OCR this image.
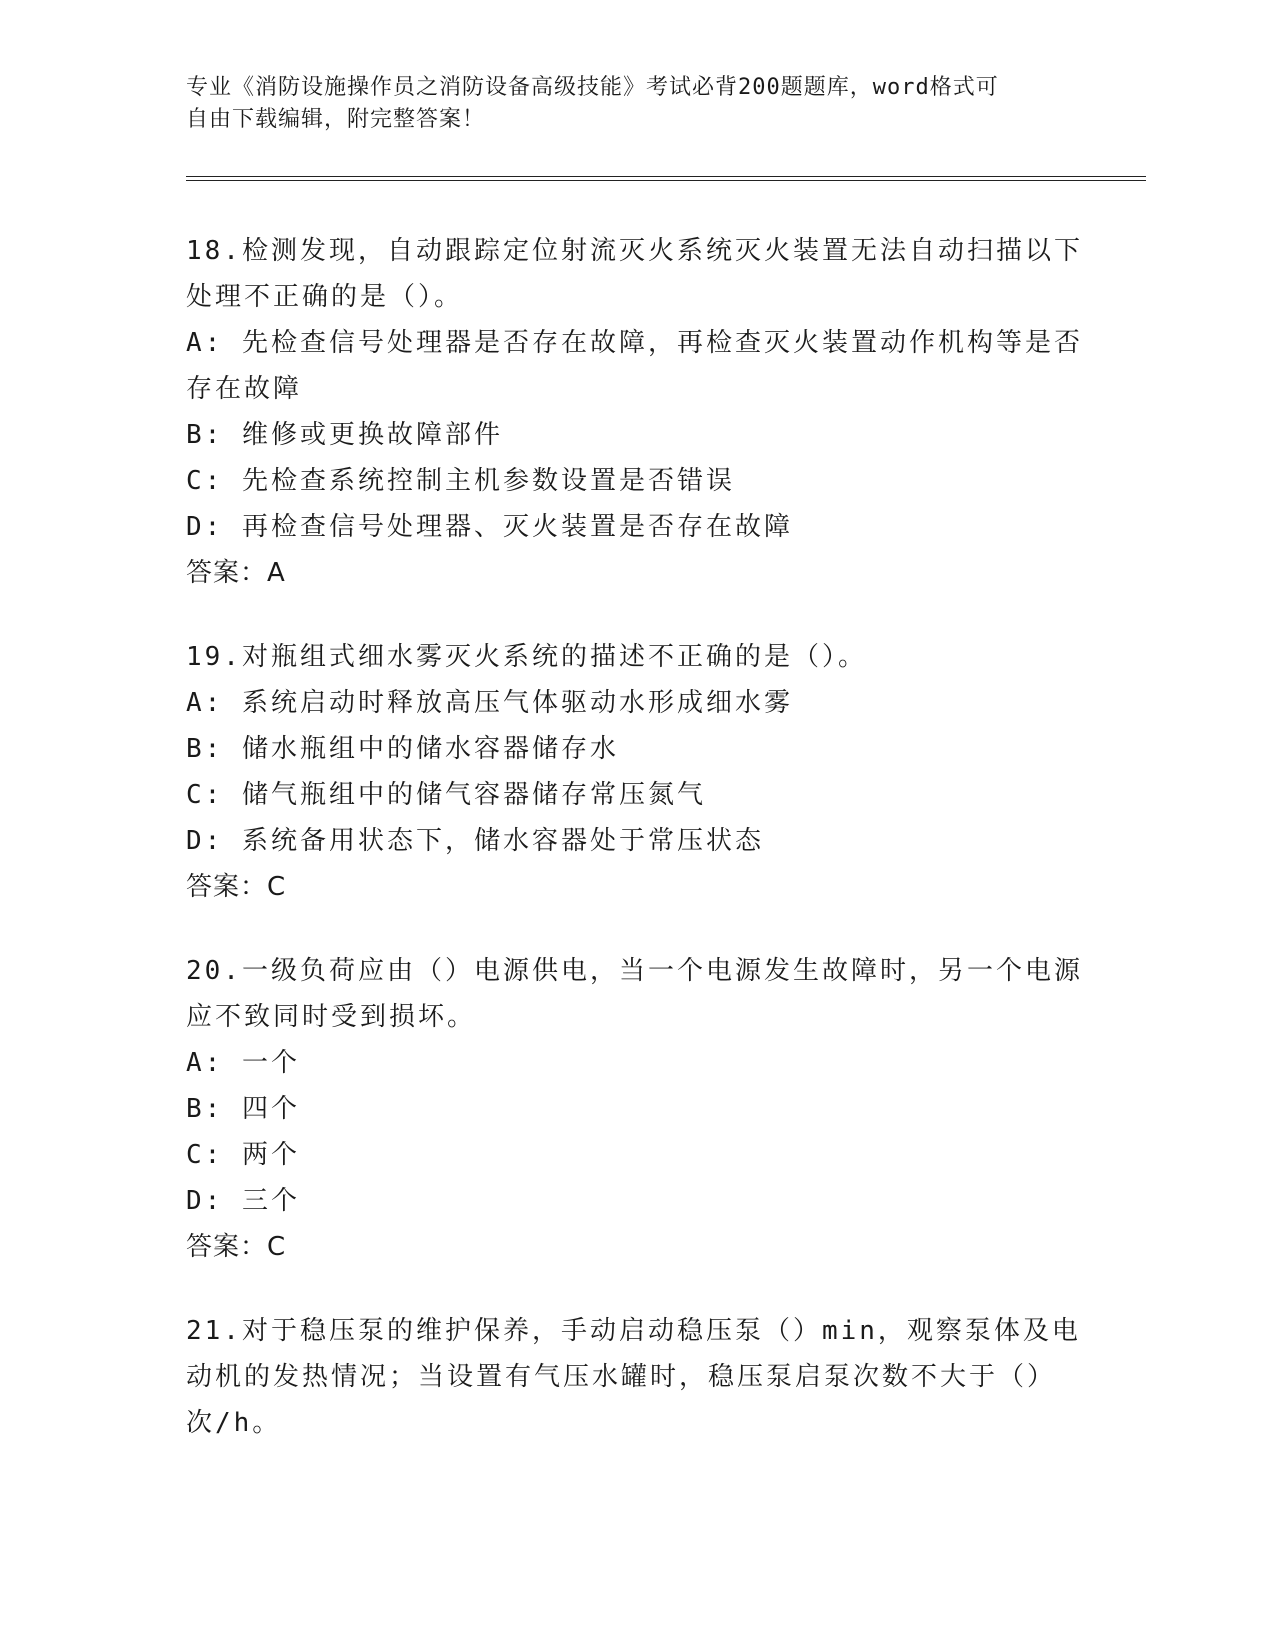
专业《消防设施操作员之消防设备高级技能》考试必背200题题库，word格式可

自由下载编辑，附完整答案！

18.检测发现，自动跟踪定位射流灭火系统灭火装置无法自动扫描以下处理不正确的是（）。

A: 先检查信号处理器是否存在故障，再检查灭火装置动作机构等是否存在故障

B: 维修或更换故障部件

C: 先检查系统控制主机参数设置是否错误

D: 再检查信号处理器、灭火装置是否存在故障

答案：A

19.对瓶组式细水雾灭火系统的描述不正确的是（）。

A: 系统启动时释放高压气体驱动水形成细水雾

B: 储水瓶组中的储水容器储存水

C: 储气瓶组中的储气容器储存常压氮气

D: 系统备用状态下，储水容器处于常压状态

答案：C

20.一级负荷应由（）电源供电，当一个电源发生故障时，另一个电源应不致同时受到损坏。

A: 一个

B: 四个

C: 两个

D: 三个

答案：C

21.对于稳压泵的维护保养，手动启动稳压泵（）min，观察泵体及电动机的发热情况；当设置有气压水罐时，稳压泵启泵次数不大于（）次/h。
